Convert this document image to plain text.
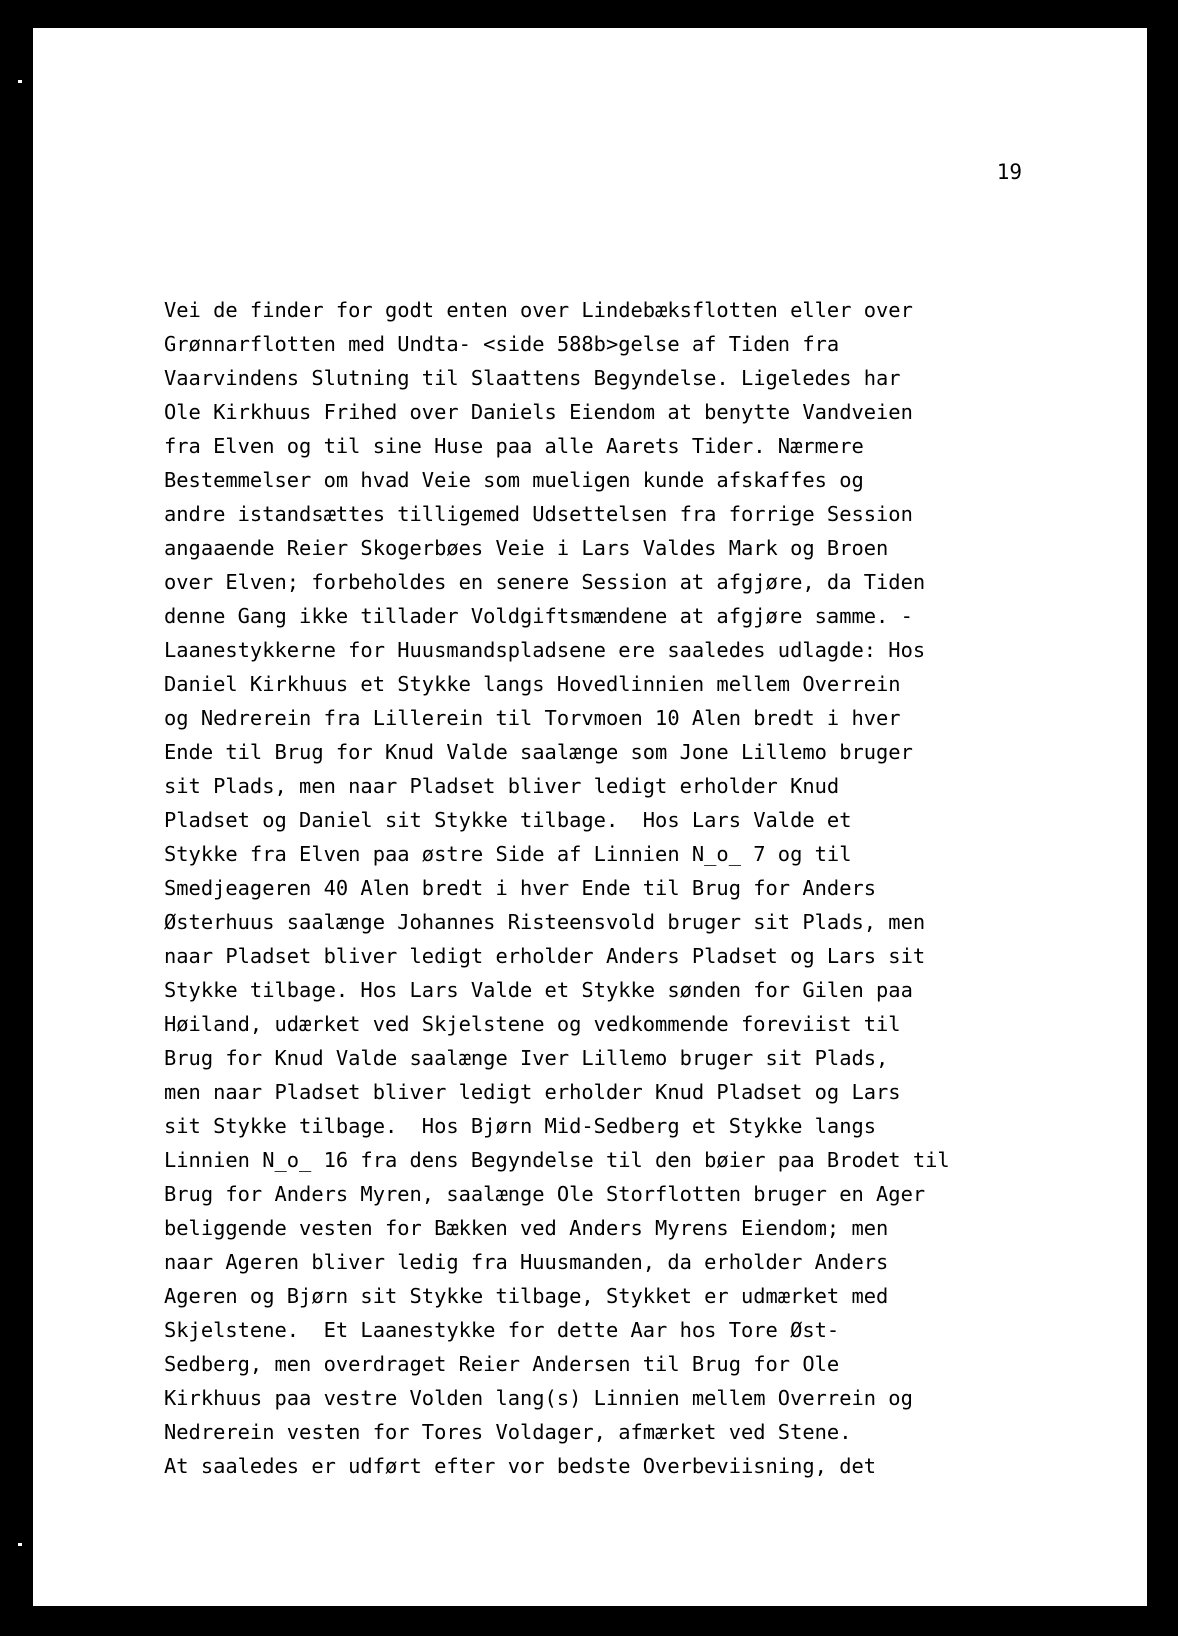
19
Vei de finder for godt enten over Lindebæksflotten eller over
Grønnarflotten med Undta- <side 588b>gelse af Tiden fra
Vaarvindens Slutning til Slaattens Begyndelse. Ligeledes har
Ole Kirkhuus Frihed over Daniels Eiendom at benytte Vandveien
fra Elven og til sine Huse paa alle Aarets Tider. Nærmere
Bestemmelser om hvad Veie som mueligen kunde afskaffes og
andre istandsættes tilligemed Udsettelsen fra forrige Session
angaaende Reier Skogerbøes Veie i Lars Valdes Mark og Broen
over Elven; forbeholdes en senere Session at afgjøre, da Tiden
denne Gang ikke tillader Voldgiftsmændene at afgjøre samme. -
Laanestykkerne for Huusmandspladsene ere saaledes udlagde: Hos
Daniel Kirkhuus et Stykke langs Hovedlinnien mellem Overrein
og Nedrerein fra Lillerein til Torvmoen 10 Alen bredt i hver
Ende til Brug for Knud Valde saalænge som Jone Lillemo bruger
sit Plads, men naar Pladset bliver ledigt erholder Knud
Pladset og Daniel sit Stykke tilbage.  Hos Lars Valde et
Stykke fra Elven paa østre Side af Linnien N̲o̲ 7 og til
Smedjeageren 40 Alen bredt i hver Ende til Brug for Anders
Østerhuus saalænge Johannes Risteensvold bruger sit Plads, men
naar Pladset bliver ledigt erholder Anders Pladset og Lars sit
Stykke tilbage. Hos Lars Valde et Stykke sønden for Gilen paa
Høiland, udærket ved Skjelstene og vedkommende foreviist til
Brug for Knud Valde saalænge Iver Lillemo bruger sit Plads,
men naar Pladset bliver ledigt erholder Knud Pladset og Lars
sit Stykke tilbage.  Hos Bjørn Mid-Sedberg et Stykke langs
Linnien N̲o̲ 16 fra dens Begyndelse til den bøier paa Brodet til
Brug for Anders Myren, saalænge Ole Storflotten bruger en Ager
beliggende vesten for Bækken ved Anders Myrens Eiendom; men
naar Ageren bliver ledig fra Huusmanden, da erholder Anders
Ageren og Bjørn sit Stykke tilbage, Stykket er udmærket med
Skjelstene.  Et Laanestykke for dette Aar hos Tore Øst-
Sedberg, men overdraget Reier Andersen til Brug for Ole
Kirkhuus paa vestre Volden lang(s) Linnien mellem Overrein og
Nedrerein vesten for Tores Voldager, afmærket ved Stene.
At saaledes er udført efter vor bedste Overbeviisning, det
